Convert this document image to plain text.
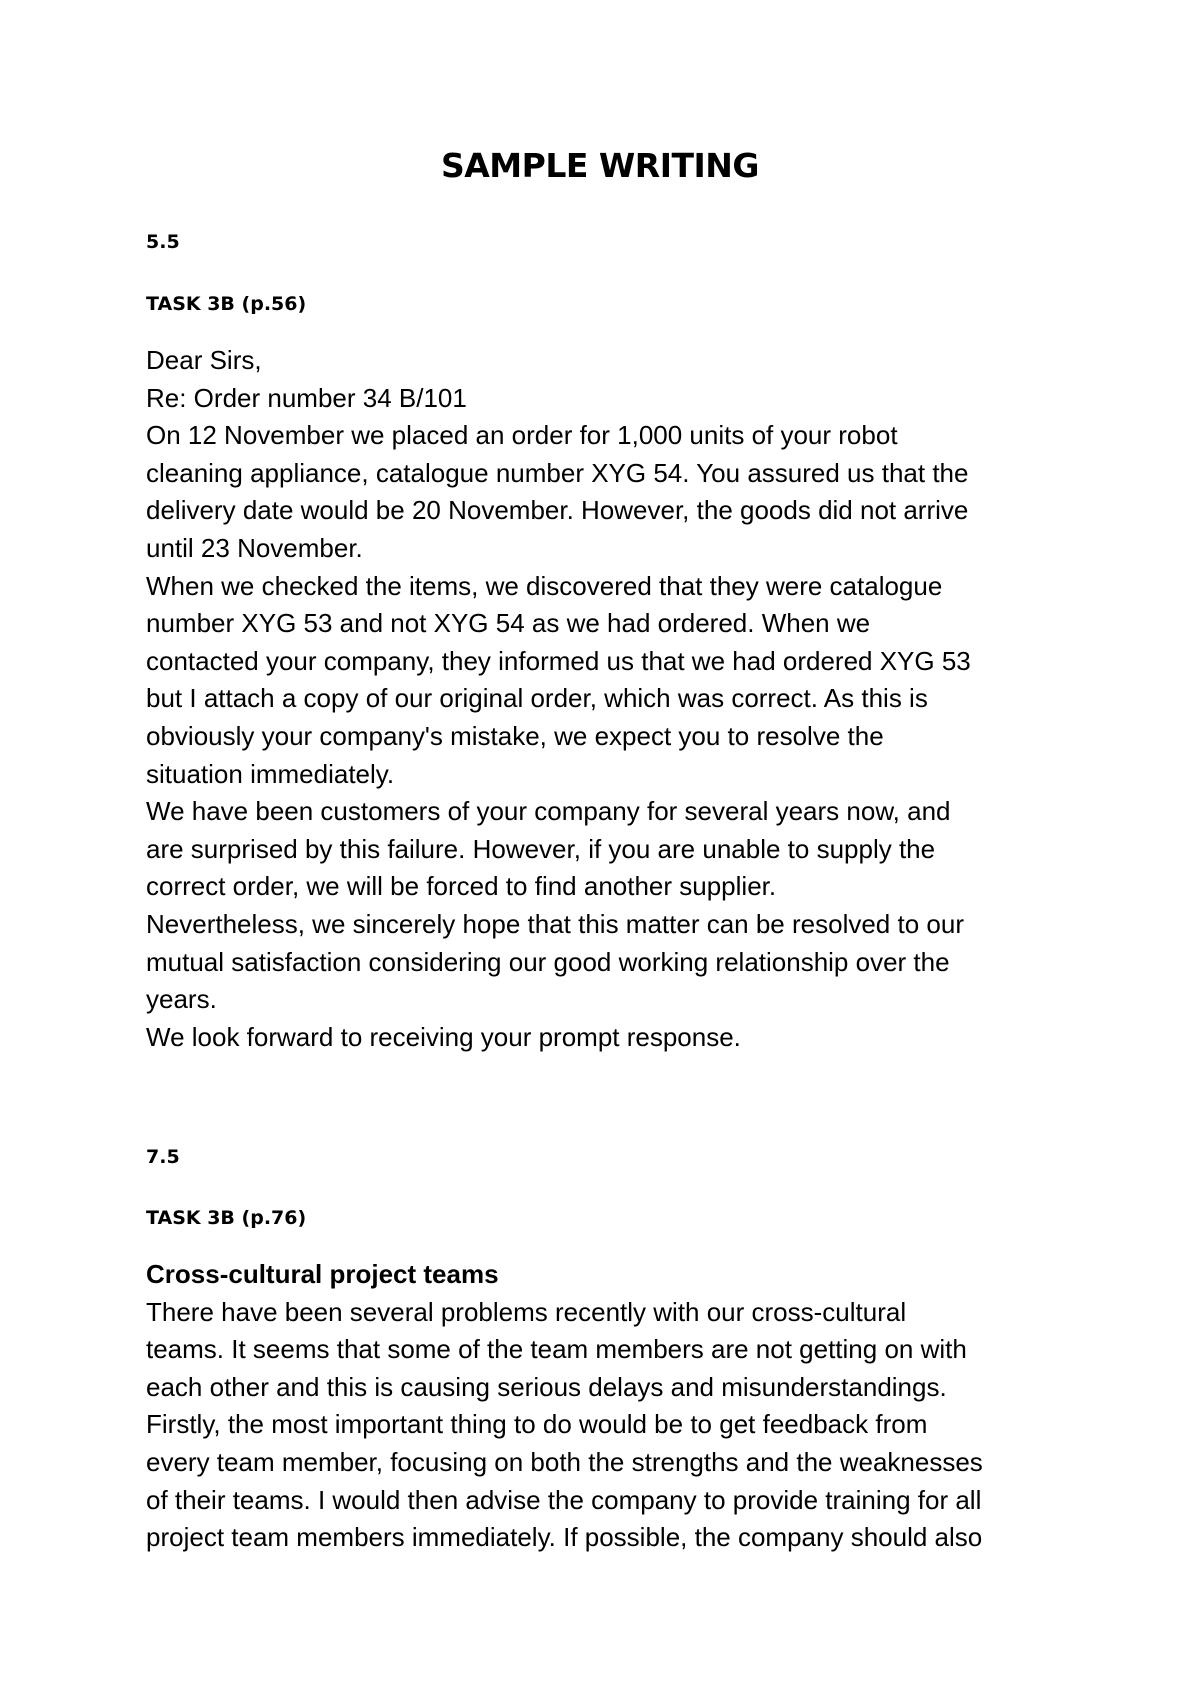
SAMPLE WRITING
5.5
TASK 3B (p.56)

Dear Sirs,

Re: Order number 34 B/101

On 12 November we placed an order for 1,000 units of your robot

cleaning appliance, catalogue number XYG 54. You assured us that the

delivery date would be 20 November. However, the goods did not arrive

until 23 November.

When we checked the items, we discovered that they were catalogue

number XYG 53 and not XYG 54 as we had ordered. When we

contacted your company, they informed us that we had ordered XYG 53

but I attach a copy of our original order, which was correct. As this is

obviously your company's mistake, we expect you to resolve the

situation immediately.

We have been customers of your company for several years now, and

are surprised by this failure. However, if you are unable to supply the

correct order, we will be forced to find another supplier.

Nevertheless, we sincerely hope that this matter can be resolved to our

mutual satisfaction considering our good working relationship over the

years.

We look forward to receiving your prompt response.

7.5
TASK 3B (p.76)

Cross-cultural project teams

There have been several problems recently with our cross-cultural

teams. It seems that some of the team members are not getting on with

each other and this is causing serious delays and misunderstandings.

Firstly, the most important thing to do would be to get feedback from

every team member, focusing on both the strengths and the weaknesses

of their teams. I would then advise the company to provide training for all

project team members immediately. If possible, the company should also
